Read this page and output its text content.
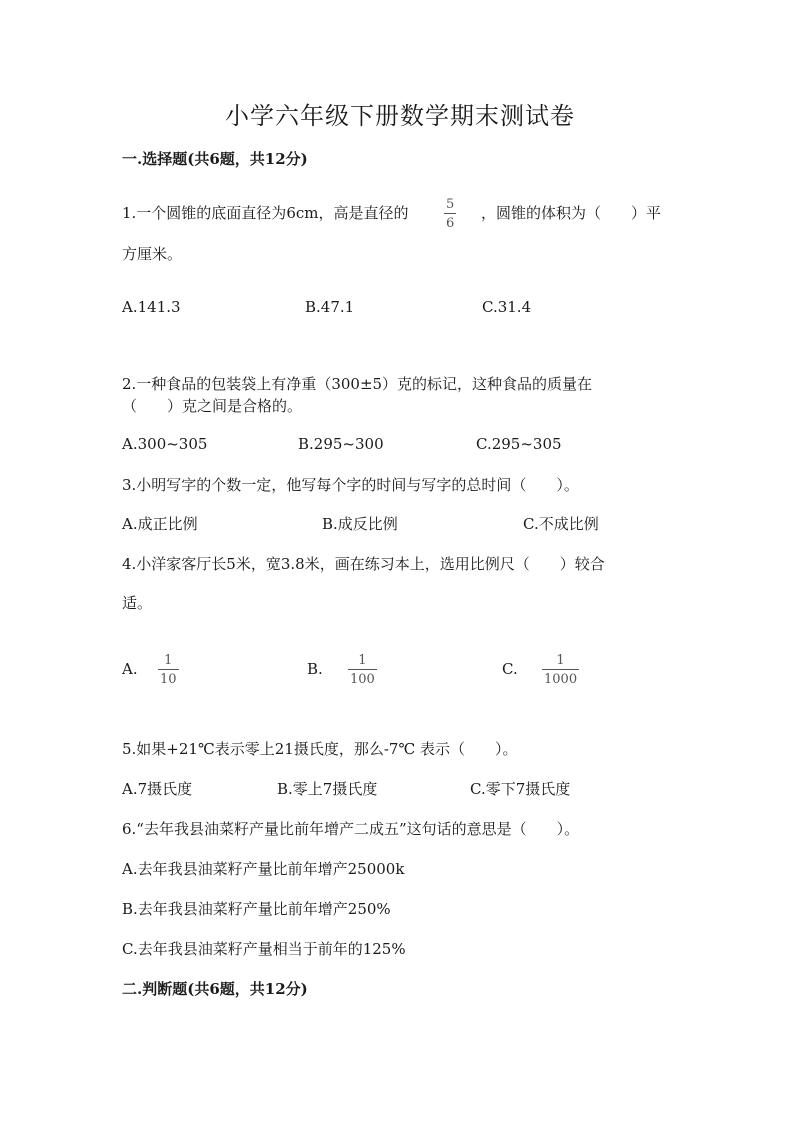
小学六年级下册数学期末测试卷
一.选择题(共6题，共12分)
1.一个圆锥的底面直径为6cm，高是直径的	5
6
，圆锥的体积为（　　）平
方厘米。
A.141.3	B.47.1	C.31.4
2.一种食品的包装袋上有净重（300±5）克的标记，这种食品的质量在
（　　）克之间是合格的。
A.300~305	B.295~300	C.295~305
3.小明写字的个数一定，他写每个字的时间与写字的总时间（　　）。
A.成正比例	B.成反比例	C.不成比例
4.小洋家客厅长5米，宽3.8米，画在练习本上，选用比例尺（　　）较合
适。
A. 1
10
B.	1
100
C.	1
1000
5.如果+21℃表示零上21摄氏度，那么-7℃ 表示（　　）。
A.7摄氏度	B.零上7摄氏度	C.零下7摄氏度
6.“去年我县油菜籽产量比前年增产二成五”这句话的意思是（　　）。
A.去年我县油菜籽产量比前年增产25000k
B.去年我县油菜籽产量比前年增产250%
C.去年我县油菜籽产量相当于前年的125%
二.判断题(共6题，共12分)
